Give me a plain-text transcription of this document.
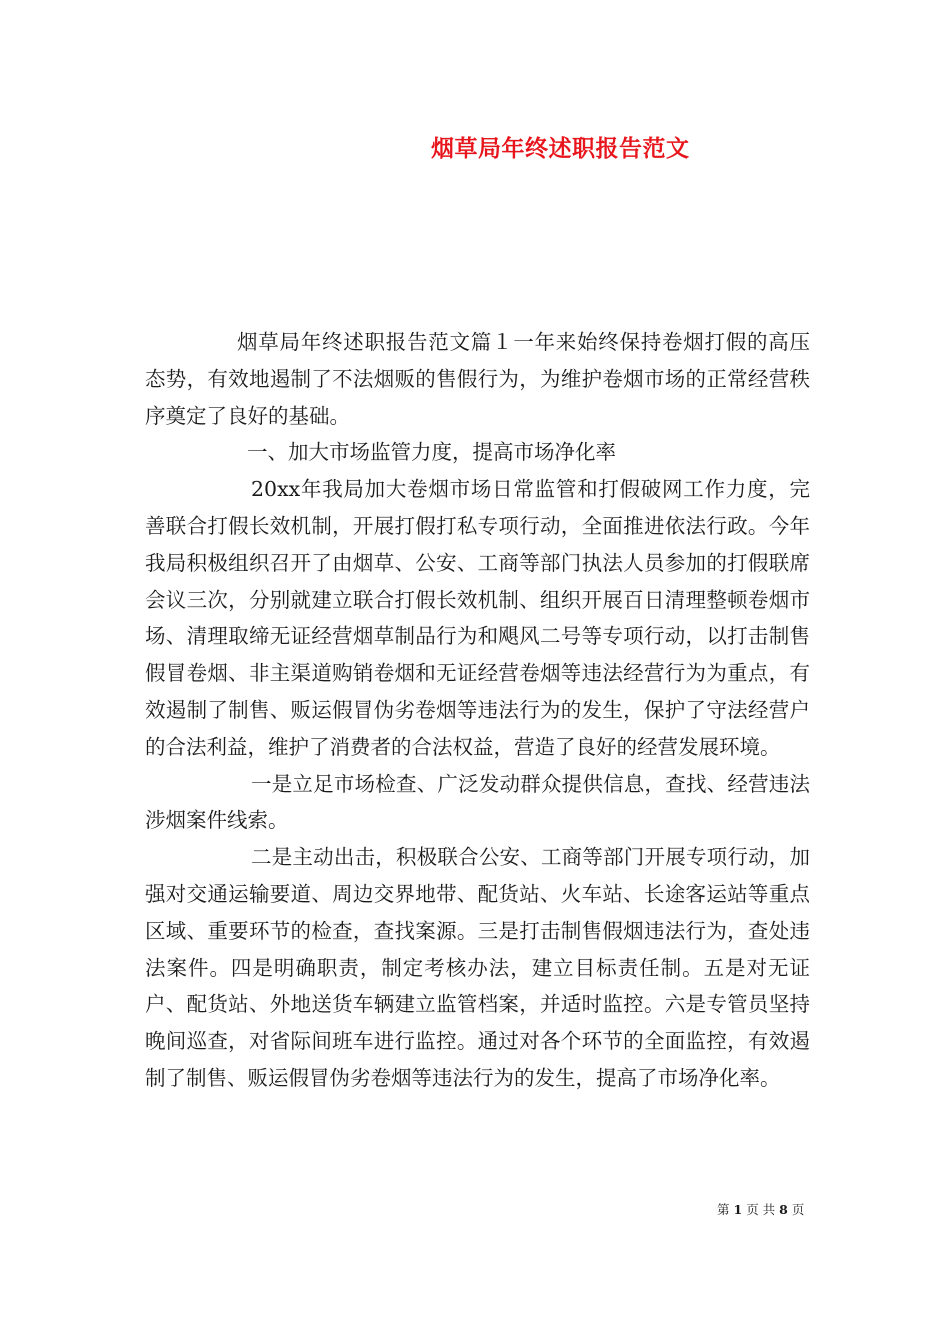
烟草局年终述职报告范文

烟草局年终述职报告范文篇１一年来始终保持卷烟打假的高压态势，有效地遏制了不法烟贩的售假行为，为维护卷烟市场的正常经营秩序奠定了良好的基础。

一、加大市场监管力度，提高市场净化率

20xx年我局加大卷烟市场日常监管和打假破网工作力度，完善联合打假长效机制，开展打假打私专项行动，全面推进依法行政。今年我局积极组织召开了由烟草、公安、工商等部门执法人员参加的打假联席会议三次，分别就建立联合打假长效机制、组织开展百日清理整顿卷烟市场、清理取缔无证经营烟草制品行为和飓风二号等专项行动，以打击制售假冒卷烟、非主渠道购销卷烟和无证经营卷烟等违法经营行为为重点，有效遏制了制售、贩运假冒伪劣卷烟等违法行为的发生，保护了守法经营户的合法利益，维护了消费者的合法权益，营造了良好的经营发展环境。

一是立足市场检查、广泛发动群众提供信息，查找、经营违法涉烟案件线索。

二是主动出击，积极联合公安、工商等部门开展专项行动，加强对交通运输要道、周边交界地带、配货站、火车站、长途客运站等重点区域、重要环节的检查，查找案源。三是打击制售假烟违法行为，查处违法案件。四是明确职责，制定考核办法，建立目标责任制。五是对无证户、配货站、外地送货车辆建立监管档案，并适时监控。六是专管员坚持晚间巡查，对省际间班车进行监控。通过对各个环节的全面监控，有效遏制了制售、贩运假冒伪劣卷烟等违法行为的发生，提高了市场净化率。

第 1 页 共 8 页
